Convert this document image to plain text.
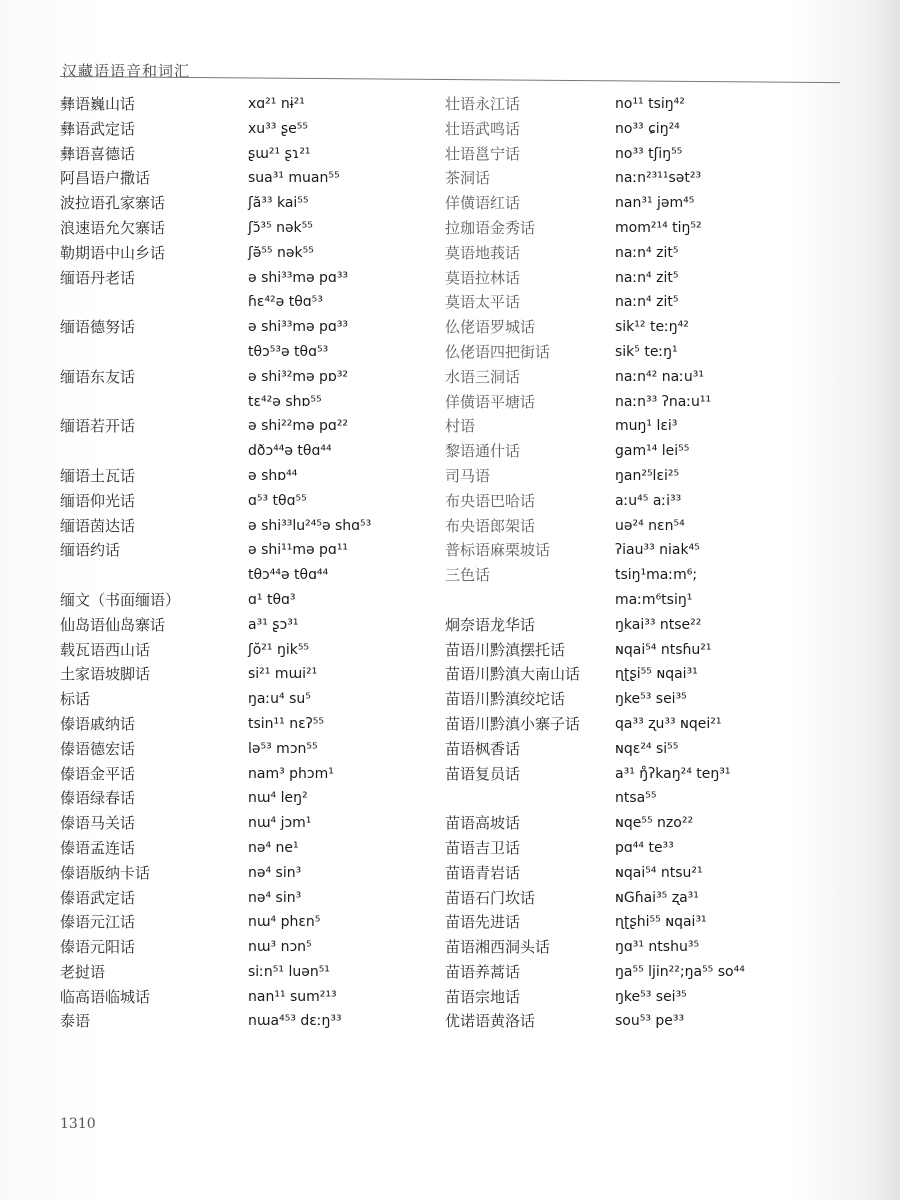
汉藏语语音和词汇
彝语巍山话	xɑ²¹ nɨ²¹
彝语武定话	xu³³ ʂe⁵⁵
彝语喜德话	ʂɯ²¹ ʂɿ²¹
阿昌语户撒话	sua³¹ muan⁵⁵
波拉语孔家寨话	ʃă³³ kai⁵⁵
浪速语允欠寨话	ʃɔ̆³⁵ nək⁵⁵
勒期语中山乡话	ʃə̆⁵⁵ nək⁵⁵
缅语丹老话	ə shi³³mə pɑ³³
ɦɛ⁴²ə tθɑ⁵³
缅语德努话	ə shi³³mə pɑ³³
tθɔ⁵³ə tθɑ⁵³
缅语东友话	ə shi³²mə pɒ³²
tɛ⁴²ə shɒ⁵⁵
缅语若开话	ə shi²²mə pɑ²²
dðɔ⁴⁴ə tθɑ⁴⁴
缅语土瓦话	ə shɒ⁴⁴
缅语仰光话	ɑ⁵³ tθɑ⁵⁵
缅语茵达话	ə shi³³lu²⁴⁵ə shɑ⁵³
缅语约话	ə shi¹¹mə pɑ¹¹
tθɔ⁴⁴ə tθɑ⁴⁴
缅文（书面缅语）	ɑ¹ tθɑ³
仙岛语仙岛寨话	a³¹ ʂɔ³¹
载瓦语西山话	ʃŏ²¹ ŋik⁵⁵
土家语坡脚话	si²¹ mɯi²¹
标话	ŋaːu⁴ su⁵
傣语戚纳话	tsin¹¹ nɛʔ⁵⁵
傣语德宏话	lə⁵³ mɔn⁵⁵
傣语金平话	nam³ phɔm¹
傣语绿春话	nɯ⁴ leŋ²
傣语马关话	nɯ⁴ jɔm¹
傣语孟连话	nə⁴ ne¹
傣语版纳卡话	nə⁴ sin³
傣语武定话	nə⁴ sin³
傣语元江话	nɯ⁴ phɛn⁵
傣语元阳话	nɯ³ nɔn⁵
老挝语	siːn⁵¹ luən⁵¹
临高语临城话	nan¹¹ sum²¹³
泰语	nɯa⁴⁵³ dɛːŋ³³
壮语永江话	no¹¹ tsiŋ⁴²
壮语武鸣话	no³³ ɕiŋ²⁴
壮语邕宁话	no³³ tʃiŋ⁵⁵
茶洞话	naːn²³¹¹sət²³
佯僙语红话	nan³¹ jəm⁴⁵
拉珈语金秀话	mom²¹⁴ tiŋ⁵²
莫语地莪话	naːn⁴ zit⁵
莫语拉林话	naːn⁴ zit⁵
莫语太平话	naːn⁴ zit⁵
仫佬语罗城话	sik¹² teːŋ⁴²
仫佬语四把街话	sik⁵ teːŋ¹
水语三洞话	naːn⁴² naːu³¹
佯僙语平塘话	naːn³³ ʔnaːu¹¹
村语	muŋ¹ lɛi³
黎语通什话	gam¹⁴ lei⁵⁵
司马语	ŋan²⁵lɛi²⁵
布央语巴哈话	aːu⁴⁵ aːi³³
布央语郎架话	uə²⁴ nɛn⁵⁴
普标语麻栗坡话	ʔiau³³ niak⁴⁵
三色话	tsiŋ¹maːm⁶;
maːm⁶tsiŋ¹
炯奈语龙华话	ŋkai³³ ntse²²
苗语川黔滇摆托话	ɴqai⁵⁴ ntsɦu²¹
苗语川黔滇大南山话	ɳʈʂi⁵⁵ ɴqai³¹
苗语川黔滇绞坨话	ŋke⁵³ sei³⁵
苗语川黔滇小寨子话	qa³³ ʐu³³ ɴqei²¹
苗语枫香话	ɴqɛ²⁴ si⁵⁵
苗语复员话	a³¹ ŋ̊ʔkaŋ²⁴ teŋ³¹
ntsa⁵⁵
苗语高坡话	ɴqe⁵⁵ nzo²²
苗语吉卫话	pɑ⁴⁴ te³³
苗语青岩话	ɴqai⁵⁴ ntsu²¹
苗语石门坎话	ɴGɦai³⁵ ʐa³¹
苗语先进话	ɳʈʂhi⁵⁵ ɴqai³¹
苗语湘西洞头话	ŋɑ³¹ ntshu³⁵
苗语养蒿话	ŋa⁵⁵ ljin²²;ŋa⁵⁵ so⁴⁴
苗语宗地话	ŋke⁵³ sei³⁵
优诺语黄洛话	sou⁵³ pe³³
1310
